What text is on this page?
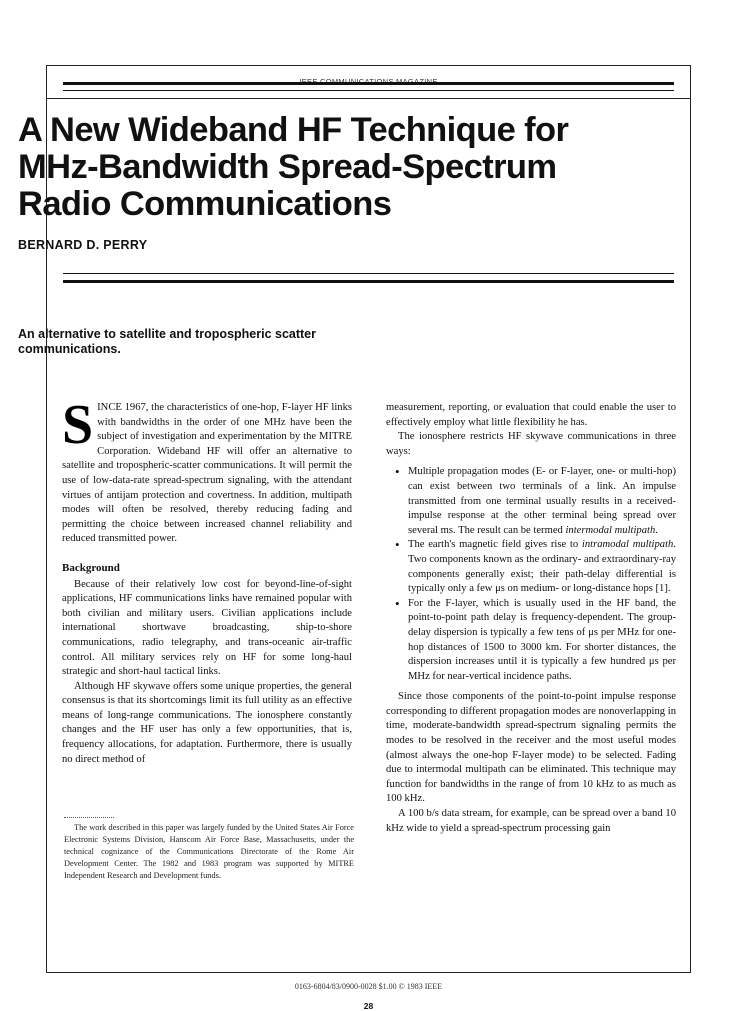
0163-6804/83/0900-0028 $1.00 © 1983 IEEE
28
A New Wideband HF Technique for
MHz-Bandwidth Spread-Spectrum
Radio Communications
BERNARD D. PERRY
An alternative to satellite and tropospheric scatter communications.

SINCE 1967, the characteristics of one-hop, F-layer HF links with bandwidths in the order of one MHz have been the subject of investigation and experimentation by the MITRE Corporation. Wideband HF will offer an alternative to satellite and tropospheric-scatter communications. It will permit the use of low-data-rate spread-spectrum signaling, with the attendant virtues of antijam protection and covertness. In addition, multipath modes will often be resolved, thereby reducing fading and permitting the choice between increased channel reliability and reduced transmitted power.

Background

Because of their relatively low cost for beyond-line-of-sight applications, HF communications links have remained popular with both civilian and military users. Civilian applications include international shortwave broadcasting, ship-to-shore communications, radio telegraphy, and trans-oceanic air-traffic control. All military services rely on HF for some long-haul strategic and short-haul tactical links.

Although HF skywave offers some unique properties, the general consensus is that its shortcomings limit its full utility as an effective means of long-range communications. The ionosphere constantly changes and the HF user has only a few opportunities, that is, frequency allocations, for adaptation. Furthermore, there is usually no direct method of

The work described in this paper was largely funded by the United States Air Force Electronic Systems Division, Hanscom Air Force Base, Massachusetts, under the technical cognizance of the Communications Directorate of the Rome Air Development Center. The 1982 and 1983 program was supported by MITRE Independent Research and Development funds.

measurement, reporting, or evaluation that could enable the user to effectively employ what little flexibility he has.

The ionosphere restricts HF skywave communications in three ways:

• Multiple propagation modes (E- or F-layer, one- or multi-hop) can exist between two terminals of a link. An impulse transmitted from one terminal usually results in a received-impulse response at the other terminal being spread over several ms. The result can be termed intermodal multipath.
• The earth's magnetic field gives rise to intramodal multipath. Two components known as the ordinary- and extraordinary-ray components generally exist; their path-delay differential is typically only a few μs on medium- or long-distance hops [1].
• For the F-layer, which is usually used in the HF band, the point-to-point path delay is frequency-dependent. The group-delay dispersion is typically a few tens of μs per MHz for one-hop distances of 1500 to 3000 km. For shorter distances, the dispersion increases until it is typically a few hundred μs per MHz for near-vertical incidence paths.

Since those components of the point-to-point impulse response corresponding to different propagation modes are nonoverlapping in time, moderate-bandwidth spread-spectrum signaling permits the modes to be resolved in the receiver and the most useful modes (almost always the one-hop F-layer mode) to be selected. Fading due to intermodal multipath can be eliminated. This technique may function for bandwidths in the range of from 10 kHz to as much as 100 kHz.

A 100 b/s data stream, for example, can be spread over a band 10 kHz wide to yield a spread-spectrum processing gain
